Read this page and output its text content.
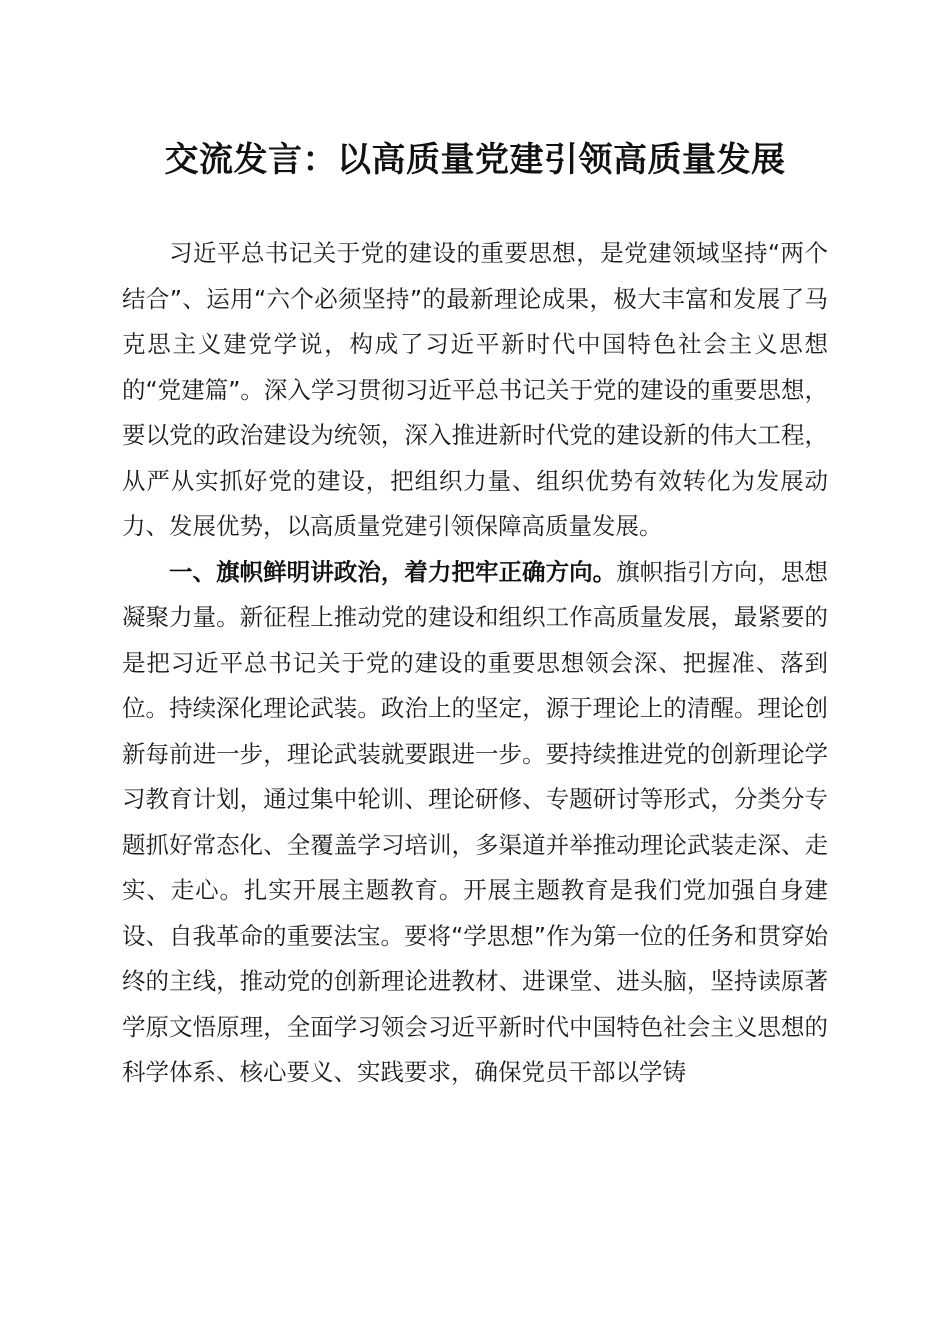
交流发言：以高质量党建引领高质量发展

习近平总书记关于党的建设的重要思想，是党建领域坚持“两个结合”、运用“六个必须坚持”的最新理论成果，极大丰富和发展了马克思主义建党学说，构成了习近平新时代中国特色社会主义思想的“党建篇”。深入学习贯彻习近平总书记关于党的建设的重要思想，要以党的政治建设为统领，深入推进新时代党的建设新的伟大工程，从严从实抓好党的建设，把组织力量、组织优势有效转化为发展动力、发展优势，以高质量党建引领保障高质量发展。

一、旗帜鲜明讲政治，着力把牢正确方向。旗帜指引方向，思想凝聚力量。新征程上推动党的建设和组织工作高质量发展，最紧要的是把习近平总书记关于党的建设的重要思想领会深、把握准、落到位。持续深化理论武装。政治上的坚定，源于理论上的清醒。理论创新每前进一步，理论武装就要跟进一步。要持续推进党的创新理论学习教育计划，通过集中轮训、理论研修、专题研讨等形式，分类分专题抓好常态化、全覆盖学习培训，多渠道并举推动理论武装走深、走实、走心。扎实开展主题教育。开展主题教育是我们党加强自身建设、自我革命的重要法宝。要将“学思想”作为第一位的任务和贯穿始终的主线，推动党的创新理论进教材、进课堂、进头脑，坚持读原著学原文悟原理，全面学习领会习近平新时代中国特色社会主义思想的科学体系、核心要义、实践要求，确保党员干部以学铸
